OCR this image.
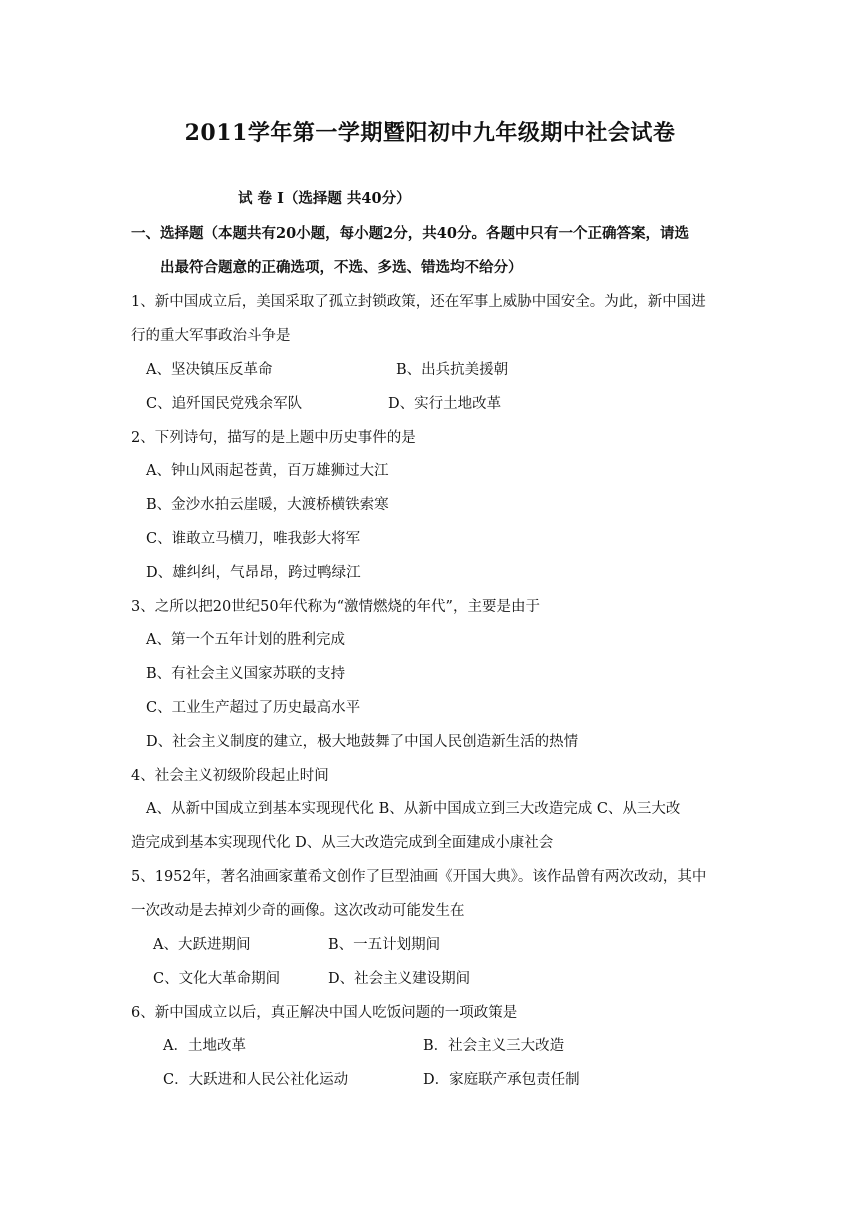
2011学年第一学期暨阳初中九年级期中社会试卷
试 卷 Ⅰ（选择题 共40分）
一、选择题（本题共有20小题，每小题2分，共40分。各题中只有一个正确答案，请选
出最符合题意的正确选项，不选、多选、错选均不给分）
1、新中国成立后，美国采取了孤立封锁政策，还在军事上威胁中国安全。为此，新中国进
行的重大军事政治斗争是
A、坚决镇压反革命	B、出兵抗美援朝
C、追歼国民党残余军队	D、实行土地改革
2、下列诗句，描写的是上题中历史事件的是
A、钟山风雨起苍黄，百万雄狮过大江
B、金沙水拍云崖暖，大渡桥横铁索寒
C、谁敢立马横刀，唯我彭大将军
D、雄纠纠，气昂昂，跨过鸭绿江
3、之所以把20世纪50年代称为“激情燃烧的年代”，主要是由于
A、第一个五年计划的胜利完成
B、有社会主义国家苏联的支持
C、工业生产超过了历史最高水平
D、社会主义制度的建立，极大地鼓舞了中国人民创造新生活的热情
4、社会主义初级阶段起止时间
A、从新中国成立到基本实现现代化 B、从新中国成立到三大改造完成 C、从三大改
造完成到基本实现现代化 D、从三大改造完成到全面建成小康社会
5、1952年，著名油画家董希文创作了巨型油画《开国大典》。该作品曾有两次改动，其中
一次改动是去掉刘少奇的画像。这次改动可能发生在
A、大跃进期间	B、一五计划期间
C、文化大革命期间	D、社会主义建设期间
6、新中国成立以后，真正解决中国人吃饭问题的一项政策是
A．土地改革	B．社会主义三大改造
C．大跃进和人民公社化运动	D．家庭联产承包责任制
